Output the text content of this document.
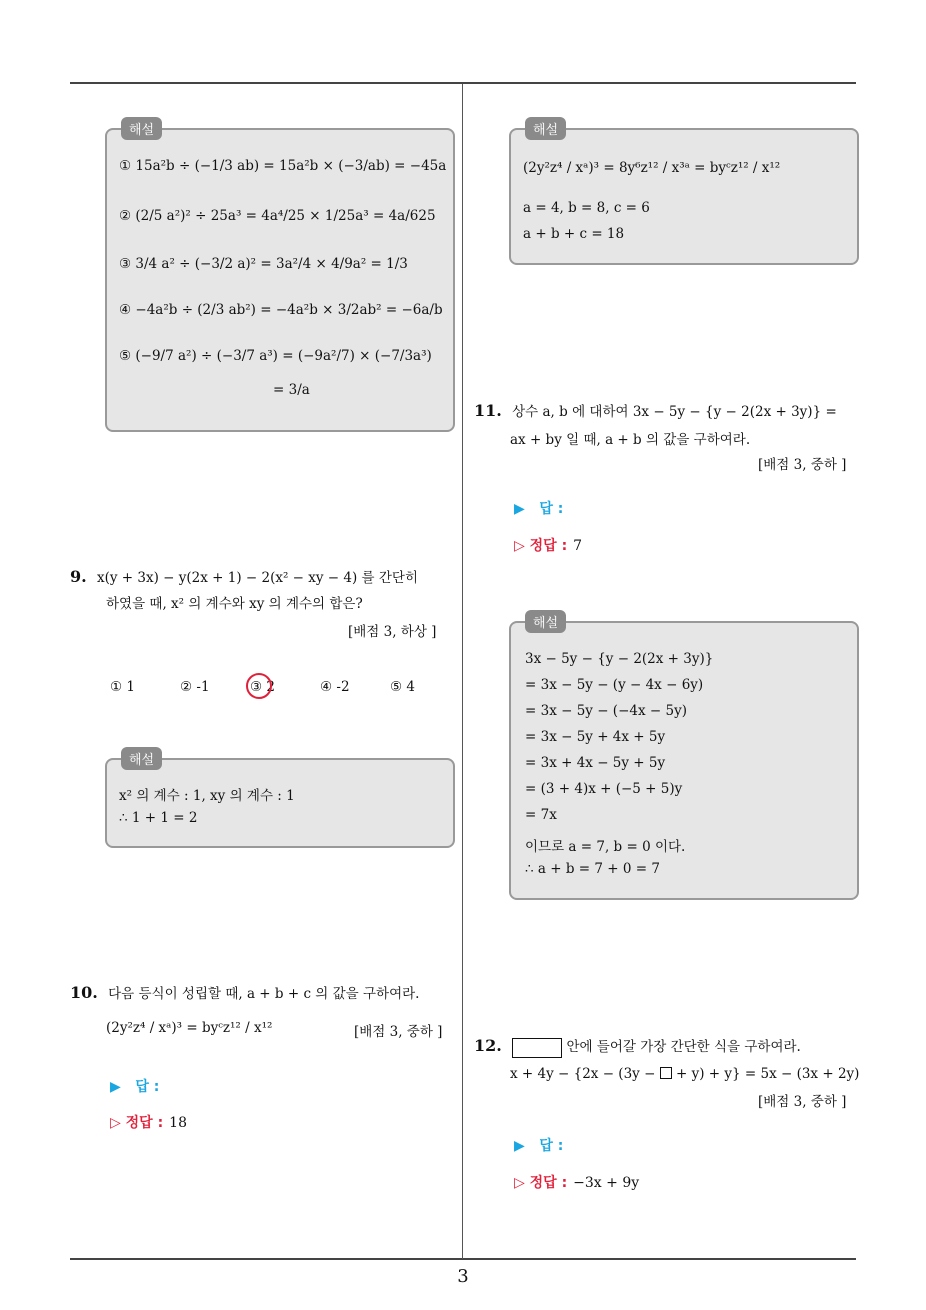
3
해설
① 15a²b ÷ (−1/3 ab) = 15a²b × (−3/ab) = −45a
② (2/5 a²)² ÷ 25a³ = 4a⁴/25 × 1/25a³ = 4a/625
③ 3/4 a² ÷ (−3/2 a)² = 3a²/4 × 4/9a² = 1/3
④ −4a²b ÷ (2/3 ab²) = −4a²b × 3/2ab² = −6a/b
⑤ (−9/7 a²) ÷ (−3/7 a³) = (−9a²/7) × (−7/3a³)
= 3/a
9. x(y + 3x) − y(2x + 1) − 2(x² − xy − 4) 를 간단히
하였을 때, x² 의 계수와 xy 의 계수의 합은?
[배점 3, 하상 ]
① 1	② -1	③ 2	④ -2	⑤ 4
해설
x² 의 계수 : 1, xy 의 계수 : 1
∴ 1 + 1 = 2
10. 다음 등식이 성립할 때, a + b + c 의 값을 구하여라.
(2y²z⁴ / xᵃ)³ = byᶜz¹² / x¹²	[배점 3, 중하 ]
▶   답 :
▷ 정답 : 18
해설
(2y²z⁴ / xᵃ)³ = 8y⁶z¹² / x³ᵃ = byᶜz¹² / x¹²
a = 4, b = 8, c = 6
a + b + c = 18
11. 상수 a, b 에 대하여 3x − 5y − {y − 2(2x + 3y)} =
ax + by 일 때, a + b 의 값을 구하여라.
[배점 3, 중하 ]
▶   답 :
▷ 정답 : 7
해설
3x − 5y − {y − 2(2x + 3y)}
= 3x − 5y − (y − 4x − 6y)
= 3x − 5y − (−4x − 5y)
= 3x − 5y + 4x + 5y
= 3x + 4x − 5y + 5y
= (3 + 4)x + (−5 + 5)y
= 7x
이므로 a = 7, b = 0 이다.
∴ a + b = 7 + 0 = 7
12.	안에 들어갈 가장 간단한 식을 구하여라.
x + 4y − {2x − (3y −  + y) + y} = 5x − (3x + 2y)
[배점 3, 중하 ]
▶   답 :
▷ 정답 : −3x + 9y
